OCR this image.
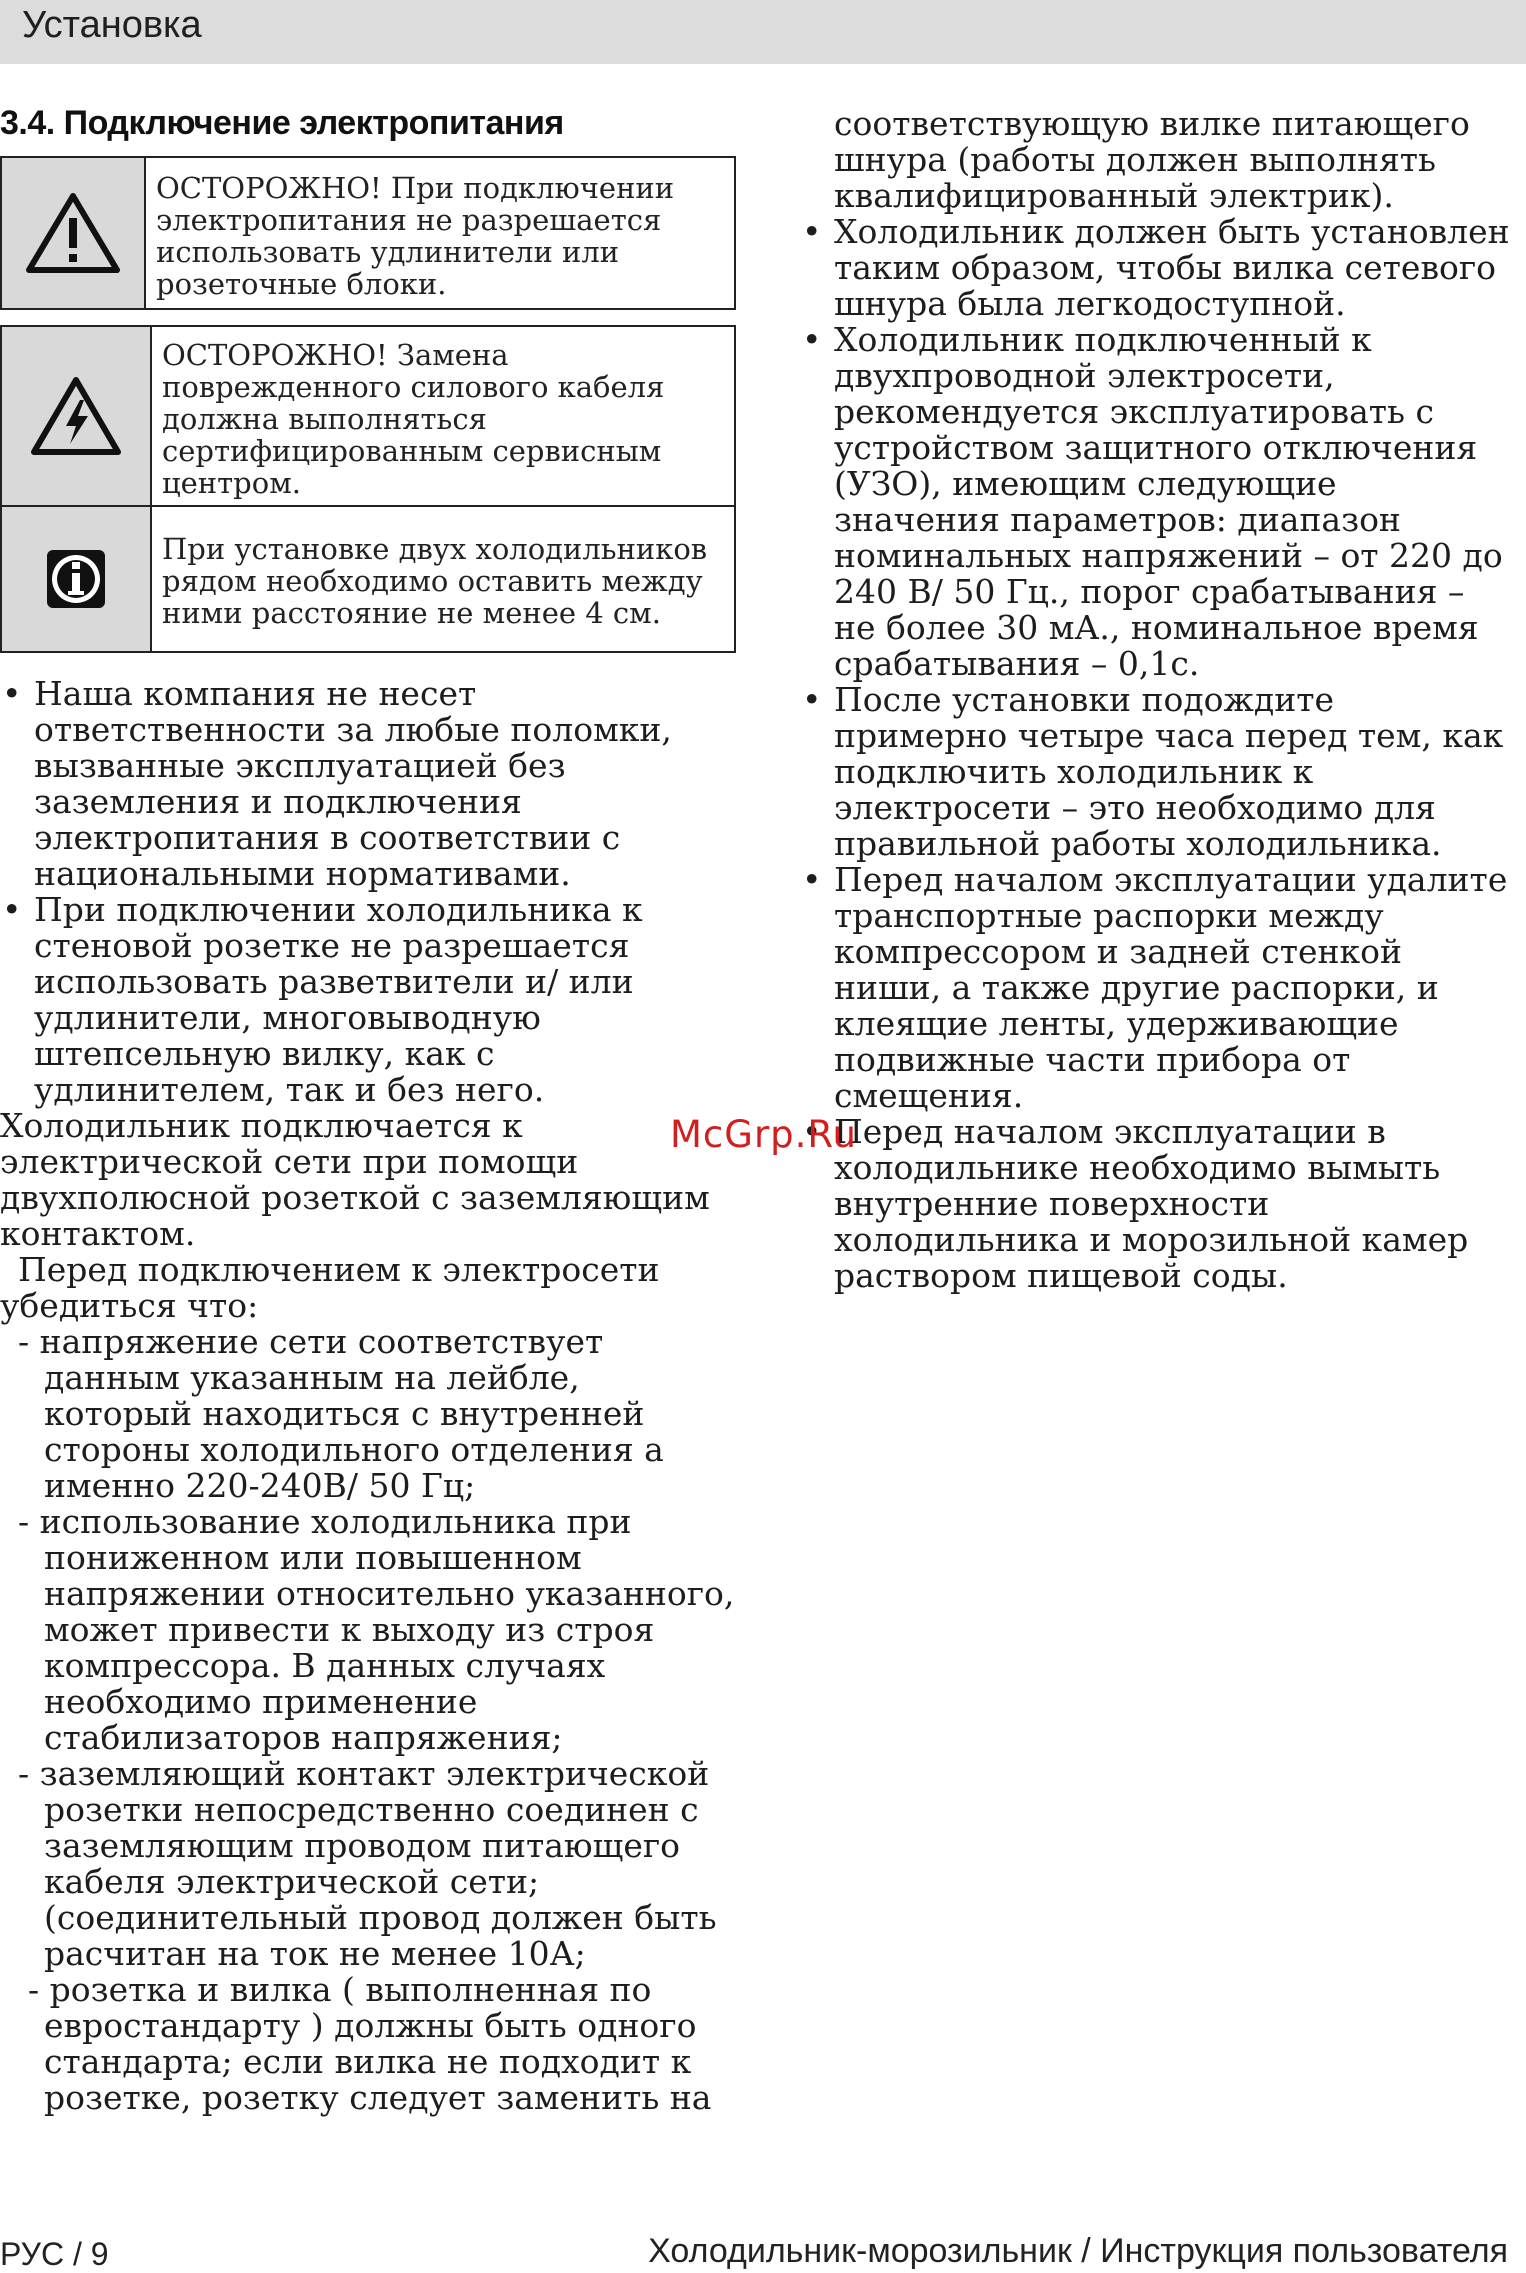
Установка
3.4. Подключение электропитания
ОСТОРОЖНО! При подключении электропитания не разрешается использовать удлинители или розеточные блоки.
ОСТОРОЖНО! Замена поврежденного силового кабеля должна выполняться сертифицированным сервисным центром.
При установке двух холодильников рядом необходимо оставить между ними расстояние не менее 4 см.

• Наша компания не несет ответственности за любые поломки, вызванные эксплуатацией без заземления и подключения электропитания в соответствии с национальными нормативами.

• При подключении холодильника к стеновой розетке не разрешается использовать разветвители и/ или удлинители, многовыводную штепсельную вилку, как с удлинителем, так и без него.

Холодильник подключается к электрической сети при помощи двухполюсной розеткой с заземляющим контактом.

Перед подключением к электросети убедиться что:

- напряжение сети соответствует данным указанным на лейбле, который находиться с внутренней стороны холодильного отделения а именно 220-240В/ 50 Гц;

- использование холодильника при пониженном или повышенном напряжении относительно указанного, может привести к выходу из строя компрессора. В данных случаях необходимо применение стабилизаторов напряжения;

- заземляющий контакт электрической розетки непосредственно соединен с заземляющим проводом питающего кабеля электрической сети;(соединительный провод должен быть расчитан на ток не менее 10А;

- розетка и вилка ( выполненная по евростандарту ) должны быть одного стандарта; если вилка не подходит к розетке, розетку следует заменить на

соответствующую вилке питающего шнура (работы должен выполнять квалифицированный электрик).

• Холодильник должен быть установлен таким образом, чтобы вилка сетевого шнура была легкодоступной.

• Холодильник подключенный к двухпроводной электросети, рекомендуется эксплуатировать с устройством защитного отключения (УЗО), имеющим следующие значения параметров: диапазон номинальных напряжений – от 220 до 240 В/ 50 Гц., порог срабатывания – не более 30 мА., номинальное время срабатывания – 0,1с.

• После установки подождите примерно четыре часа перед тем, как подключить холодильник к электросети – это необходимо для правильной работы холодильника.

• Перед началом эксплуатации удалите транспортные распорки между компрессором и задней стенкой ниши, а также другие распорки, и клеящие ленты, удерживающие подвижные части прибора от смещения.

• Перед началом эксплуатации в холодильнике необходимо вымыть внутренние поверхности холодильника и морозильной камер раствором пищевой соды.

McGrp.Ru
РУС / 9	Холодильник-морозильник / Инструкция пользователя
